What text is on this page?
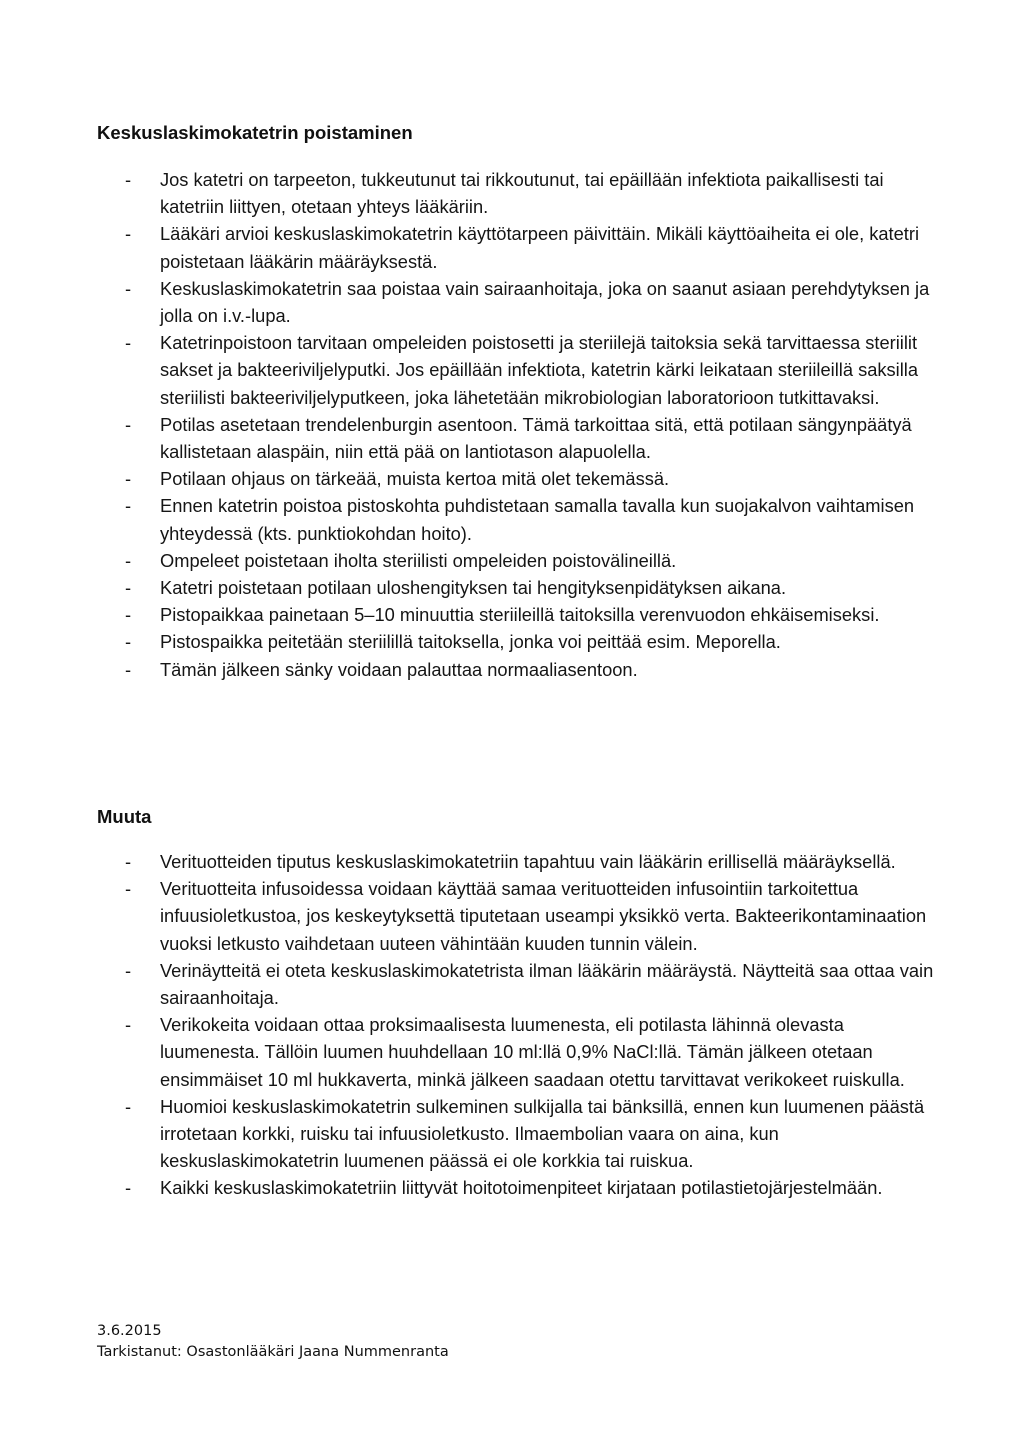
Keskuslaskimokatetrin poistaminen
- Jos katetri on tarpeeton, tukkeutunut tai rikkoutunut, tai epäillään infektiota paikallisesti tai katetriin liittyen, otetaan yhteys lääkäriin.
- Lääkäri arvioi keskuslaskimokatetrin käyttötarpeen päivittäin. Mikäli käyttöaiheita ei ole, katetri poistetaan lääkärin määräyksestä.
- Keskuslaskimokatetrin saa poistaa vain sairaanhoitaja, joka on saanut asiaan perehdytyksen ja jolla on i.v.-lupa.
- Katetrinpoistoon tarvitaan ompeleiden poistosetti ja steriilejä taitoksia sekä tarvittaessa steriilit sakset ja bakteeriviljelyputki. Jos epäillään infektiota, katetrin kärki leikataan steriileillä saksilla steriilisti bakteeriviljelyputkeen, joka lähetetään mikrobiologian laboratorioon tutkittavaksi.
- Potilas asetetaan trendelenburgin asentoon. Tämä tarkoittaa sitä, että potilaan sängynpäätyä kallistetaan alaspäin, niin että pää on lantiotason alapuolella.
- Potilaan ohjaus on tärkeää, muista kertoa mitä olet tekemässä.
- Ennen katetrin poistoa pistoskohta puhdistetaan samalla tavalla kun suojakalvon vaihtamisen yhteydessä (kts. punktiokohdan hoito).
- Ompeleet poistetaan iholta steriilisti ompeleiden poistovälineillä.
- Katetri poistetaan potilaan uloshengityksen tai hengityksenpidätyksen aikana.
- Pistopaikkaa painetaan 5–10 minuuttia steriileillä taitoksilla verenvuodon ehkäisemiseksi.
- Pistospaikka peitetään steriilillä taitoksella, jonka voi peittää esim. Meporella.
- Tämän jälkeen sänky voidaan palauttaa normaaliasentoon.
Muuta
- Verituotteiden tiputus keskuslaskimokatetriin tapahtuu vain lääkärin erillisellä määräyksellä.
- Verituotteita infusoidessa voidaan käyttää samaa verituotteiden infusointiin tarkoitettua infuusioletkustoa, jos keskeytyksettä tiputetaan useampi yksikkö verta. Bakteerikontaminaation vuoksi letkusto vaihdetaan uuteen vähintään kuuden tunnin välein.
- Verinäytteitä ei oteta keskuslaskimokatetrista ilman lääkärin määräystä. Näytteitä saa ottaa vain sairaanhoitaja.
- Verikokeita voidaan ottaa proksimaalisesta luumenesta, eli potilasta lähinnä olevasta luumenesta. Tällöin luumen huuhdellaan 10 ml:llä 0,9% NaCl:llä. Tämän jälkeen otetaan ensimmäiset 10 ml hukkaverta, minkä jälkeen saadaan otettu tarvittavat verikokeet ruiskulla.
- Huomioi keskuslaskimokatetrin sulkeminen sulkijalla tai bänksillä, ennen kun luumenen päästä irrotetaan korkki, ruisku tai infuusioletkusto. Ilmaembolian vaara on aina, kun keskuslaskimokatetrin luumenen päässä ei ole korkkia tai ruiskua.
- Kaikki keskuslaskimokatetriin liittyvät hoitotoimenpiteet kirjataan potilastietojärjestelmään.
3.6.2015
Tarkistanut: Osastonlääkäri Jaana Nummenranta
